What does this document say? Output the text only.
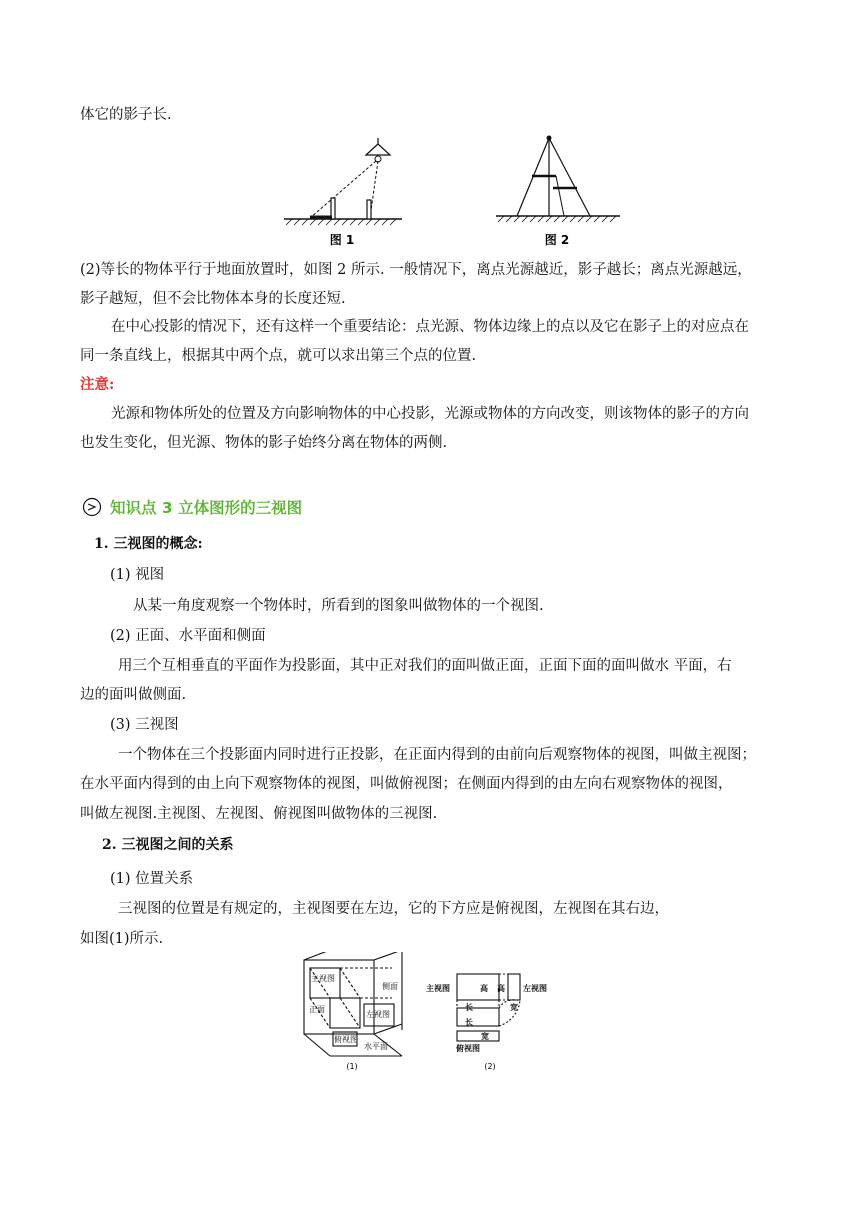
体它的影子长.
图 1	图 2
(2)等长的物体平行于地面放置时，如图 2 所示. 一般情况下，离点光源越近，影子越长；离点光源越远，
影子越短，但不会比物体本身的长度还短.
在中心投影的情况下，还有这样一个重要结论：点光源、物体边缘上的点以及它在影子上的对应点在
同一条直线上，根据其中两个点，就可以求出第三个点的位置.
注意:
光源和物体所处的位置及方向影响物体的中心投影，光源或物体的方向改变，则该物体的影子的方向
也发生变化，但光源、物体的影子始终分离在物体的两侧.
知识点 3 立体图形的三视图
1. 三视图的概念:
(1) 视图
从某一角度观察一个物体时，所看到的图象叫做物体的一个视图.
(2) 正面、水平面和侧面
用三个互相垂直的平面作为投影面，其中正对我们的面叫做正面，正面下面的面叫做水 平面，右
边的面叫做侧面.
(3) 三视图
一个物体在三个投影面内同时进行正投影，在正面内得到的由前向后观察物体的视图，叫做主视图；
在水平面内得到的由上向下观察物体的视图，叫做俯视图；在侧面内得到的由左向右观察物体的视图，
叫做左视图.主视图、左视图、俯视图叫做物体的三视图.
2. 三视图之间的关系
(1) 位置关系
三视图的位置是有规定的，主视图要在左边，它的下方应是俯视图，左视图在其右边，
如图(1)所示.
主视图
侧面
正面
左视图
俯视图
水平面
(1)
主视图	高 高 左视图
长	宽
长
宽
俯视图
(2)
